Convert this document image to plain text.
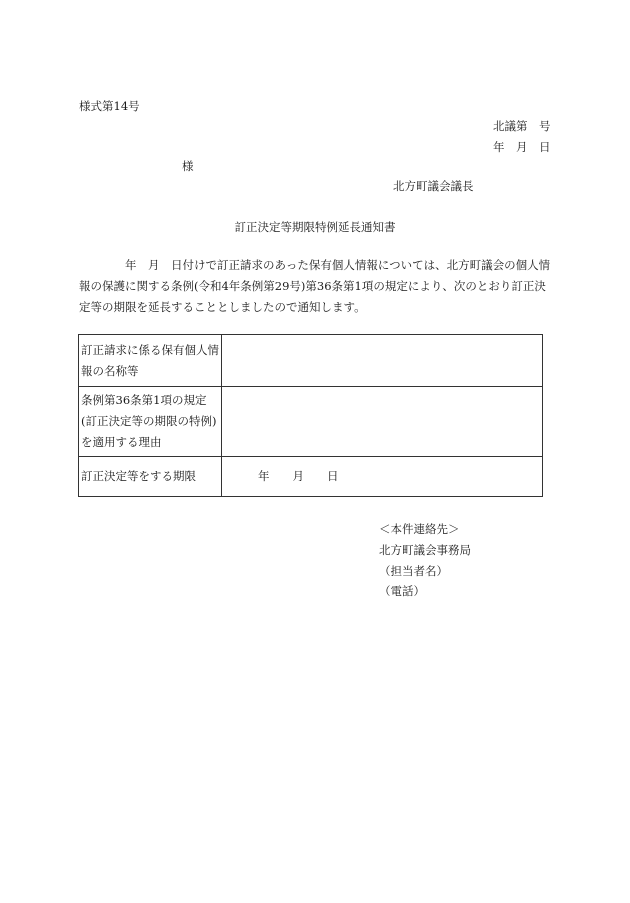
様式第14号
北議第　号
年　月　日
様
北方町議会議長
訂正決定等期限特例延長通知書
　　　　年　月　日付けで訂正請求のあった保有個人情報については、北方町議会の個人情報の保護に関する条例(令和4年条例第29号)第36条第1項の規定により、次のとおり訂正決定等の期限を延長することとしましたので通知します。
訂正請求に係る保有個人情報の名称等	
条例第36条第1項の規定(訂正決定等の期限の特例)を適用する理由	
訂正決定等をする期限	年　　月　　日
＜本件連絡先＞
北方町議会事務局
（担当者名）
（電話）
